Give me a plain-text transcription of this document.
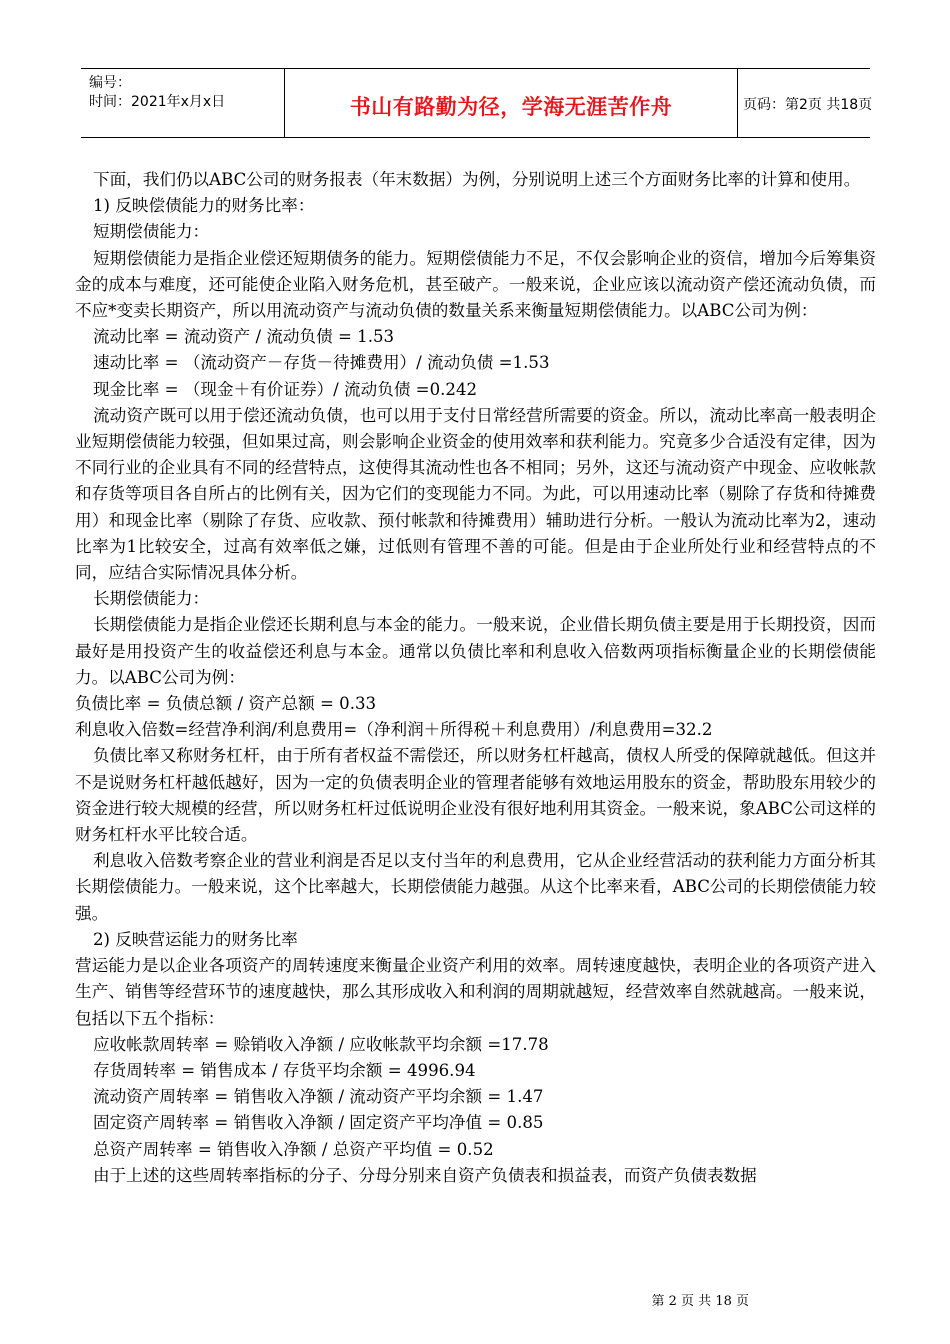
编号：
时间：2021年x月x日	书山有路勤为径，学海无涯苦作舟	页码：第2页 共18页

下面，我们仍以ABC公司的财务报表（年末数据）为例，分别说明上述三个方面财务比率的计算和使用。

1) 反映偿债能力的财务比率：

短期偿债能力：

短期偿债能力是指企业偿还短期债务的能力。短期偿债能力不足，不仅会影响企业的资信，增加今后筹集资金的成本与难度，还可能使企业陷入财务危机，甚至破产。一般来说，企业应该以流动资产偿还流动负债，而不应*变卖长期资产，所以用流动资产与流动负债的数量关系来衡量短期偿债能力。以ABC公司为例：

流动比率 = 流动资产 / 流动负债 = 1.53

速动比率 = （流动资产－存货－待摊费用）/ 流动负债 =1.53

现金比率 = （现金＋有价证券）/ 流动负债 =0.242

流动资产既可以用于偿还流动负债，也可以用于支付日常经营所需要的资金。所以，流动比率高一般表明企业短期偿债能力较强，但如果过高，则会影响企业资金的使用效率和获利能力。究竟多少合适没有定律，因为不同行业的企业具有不同的经营特点，这使得其流动性也各不相同；另外，这还与流动资产中现金、应收帐款和存货等项目各自所占的比例有关，因为它们的变现能力不同。为此，可以用速动比率（剔除了存货和待摊费用）和现金比率（剔除了存货、应收款、预付帐款和待摊费用）辅助进行分析。一般认为流动比率为2，速动比率为1比较安全，过高有效率低之嫌，过低则有管理不善的可能。但是由于企业所处行业和经营特点的不同，应结合实际情况具体分析。

长期偿债能力：

长期偿债能力是指企业偿还长期利息与本金的能力。一般来说，企业借长期负债主要是用于长期投资，因而最好是用投资产生的收益偿还利息与本金。通常以负债比率和利息收入倍数两项指标衡量企业的长期偿债能力。以ABC公司为例：

负债比率 = 负债总额 / 资产总额 = 0.33

利息收入倍数=经营净利润/利息费用=（净利润＋所得税＋利息费用）/利息费用=32.2

负债比率又称财务杠杆，由于所有者权益不需偿还，所以财务杠杆越高，债权人所受的保障就越低。但这并不是说财务杠杆越低越好，因为一定的负债表明企业的管理者能够有效地运用股东的资金，帮助股东用较少的资金进行较大规模的经营，所以财务杠杆过低说明企业没有很好地利用其资金。一般来说，象ABC公司这样的财务杠杆水平比较合适。

利息收入倍数考察企业的营业利润是否足以支付当年的利息费用，它从企业经营活动的获利能力方面分析其长期偿债能力。一般来说，这个比率越大，长期偿债能力越强。从这个比率来看，ABC公司的长期偿债能力较强。

2) 反映营运能力的财务比率

营运能力是以企业各项资产的周转速度来衡量企业资产利用的效率。周转速度越快，表明企业的各项资产进入生产、销售等经营环节的速度越快，那么其形成收入和利润的周期就越短，经营效率自然就越高。一般来说，包括以下五个指标：

应收帐款周转率 = 赊销收入净额 / 应收帐款平均余额 =17.78

存货周转率 = 销售成本 / 存货平均余额 = 4996.94

流动资产周转率 = 销售收入净额 / 流动资产平均余额 = 1.47

固定资产周转率 = 销售收入净额 / 固定资产平均净值 = 0.85

总资产周转率 = 销售收入净额 / 总资产平均值 = 0.52

由于上述的这些周转率指标的分子、分母分别来自资产负债表和损益表，而资产负债表数据

第 2 页 共 18 页
